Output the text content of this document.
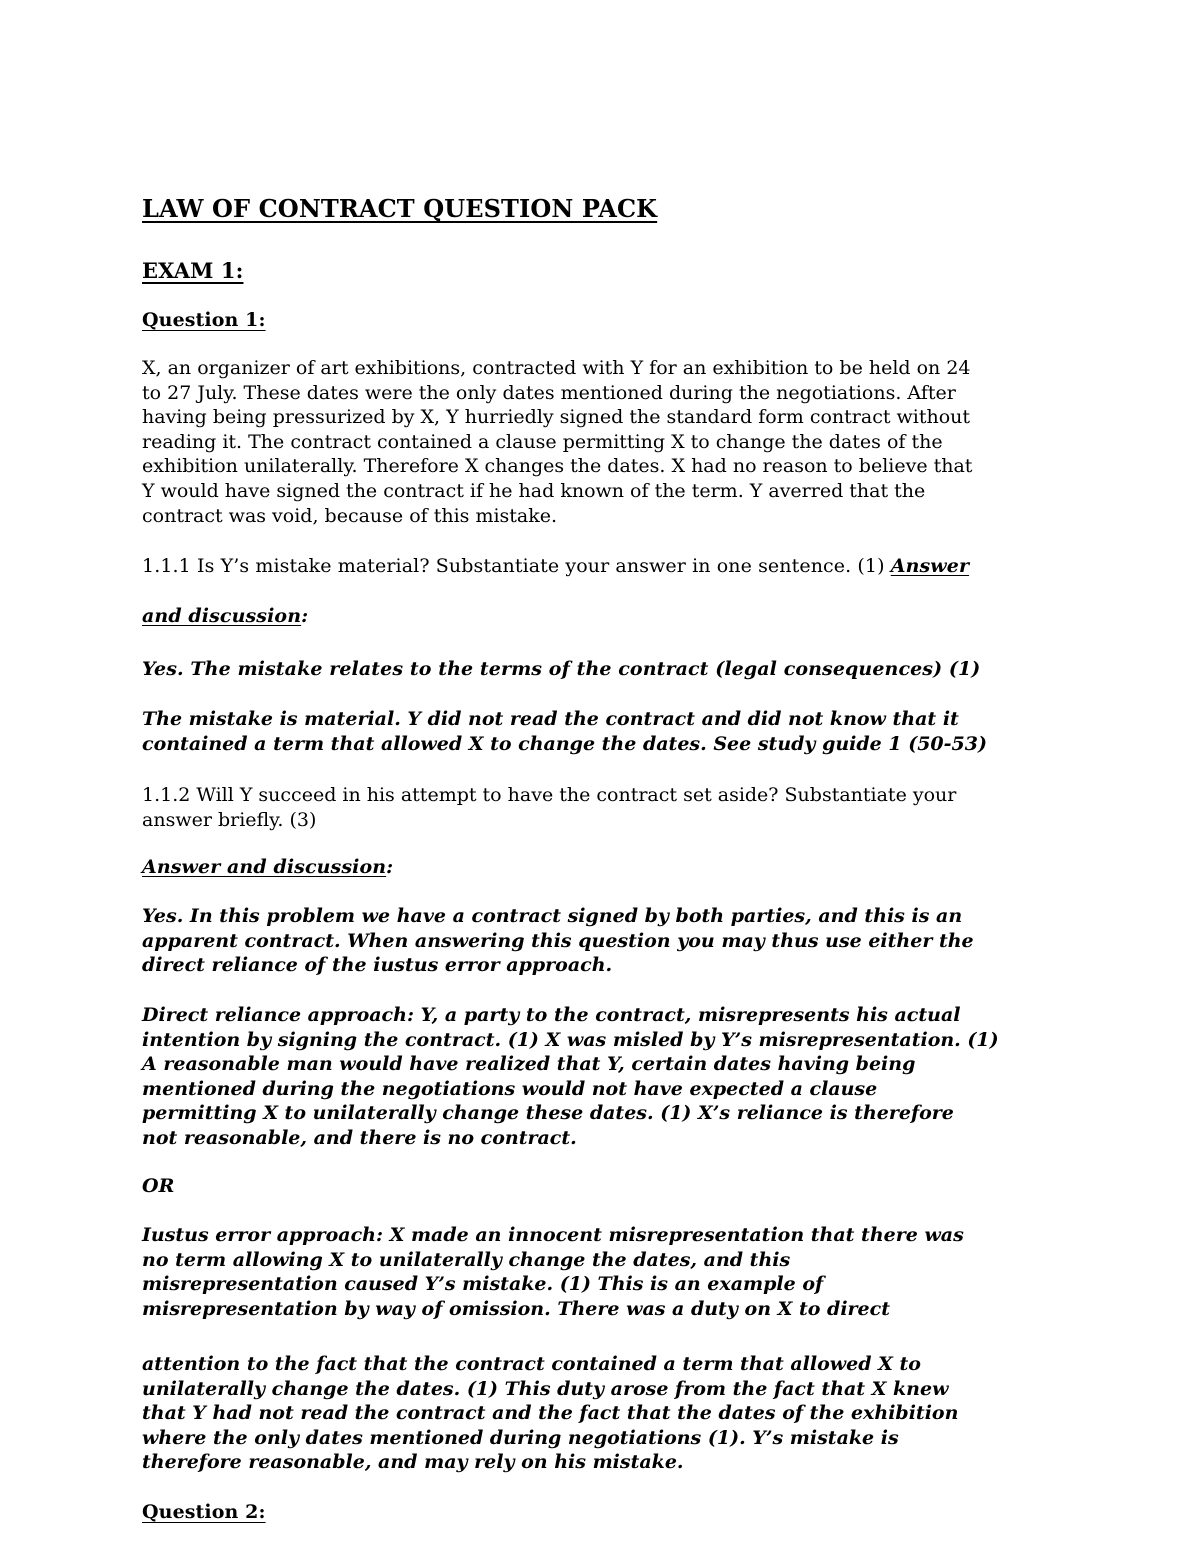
LAW OF CONTRACT QUESTION PACK
EXAM 1:
Question 1:
X, an organizer of art exhibitions, contracted with Y for an exhibition to be held on 24
to 27 July. These dates were the only dates mentioned during the negotiations. After
having being pressurized by X, Y hurriedly signed the standard form contract without
reading it. The contract contained a clause permitting X to change the dates of the
exhibition unilaterally. Therefore X changes the dates. X had no reason to believe that
Y would have signed the contract if he had known of the term. Y averred that the
contract was void, because of this mistake.
1.1.1 Is Y’s mistake material? Substantiate your answer in one sentence. (1) Answer
and discussion:
Yes. The mistake relates to the terms of the contract (legal consequences) (1)
The mistake is material. Y did not read the contract and did not know that it
contained a term that allowed X to change the dates. See study guide 1 (50-53)
1.1.2 Will Y succeed in his attempt to have the contract set aside? Substantiate your
answer briefly. (3)
Answer and discussion:
Yes. In this problem we have a contract signed by both parties, and this is an
apparent contract. When answering this question you may thus use either the
direct reliance of the iustus error approach.
Direct reliance approach: Y, a party to the contract, misrepresents his actual
intention by signing the contract. (1) X was misled by Y’s misrepresentation. (1)
A reasonable man would have realized that Y, certain dates having being
mentioned during the negotiations would not have expected a clause
permitting X to unilaterally change these dates. (1) X’s reliance is therefore
not reasonable, and there is no contract.
OR
Iustus error approach: X made an innocent misrepresentation that there was
no term allowing X to unilaterally change the dates, and this
misrepresentation caused Y’s mistake. (1) This is an example of
misrepresentation by way of omission. There was a duty on X to direct
attention to the fact that the contract contained a term that allowed X to
unilaterally change the dates. (1) This duty arose from the fact that X knew
that Y had not read the contract and the fact that the dates of the exhibition
where the only dates mentioned during negotiations (1). Y’s mistake is
therefore reasonable, and may rely on his mistake.
Question 2:
